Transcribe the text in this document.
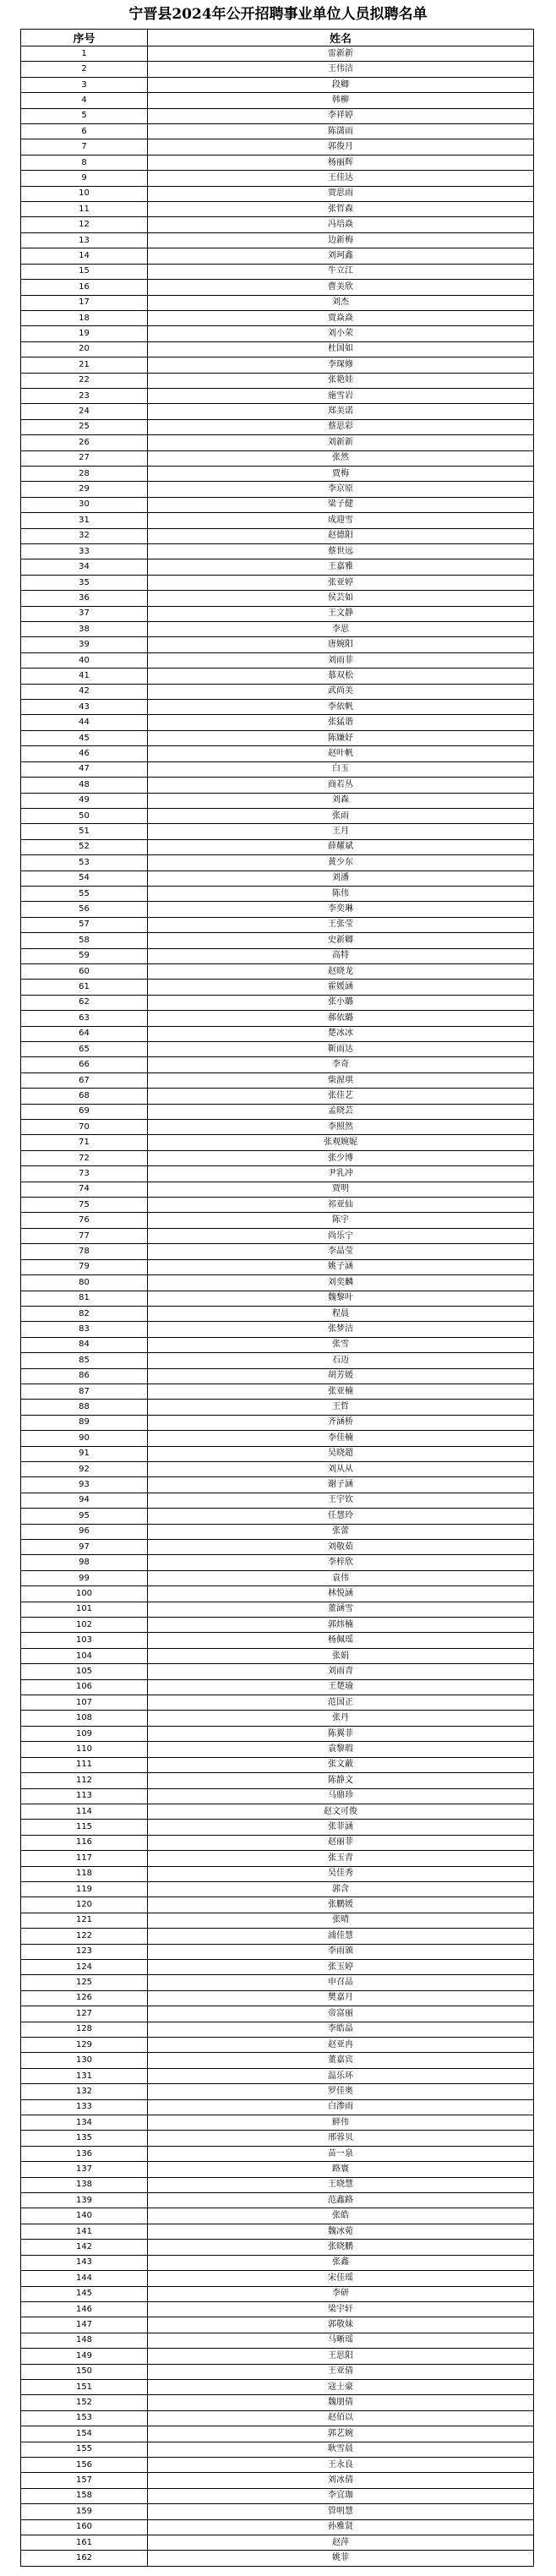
宁晋县2024年公开招聘事业单位人员拟聘名单
序号	姓名
1	雷新新
2	王伟洁
3	段卿
4	韩柳
5	李祥婷
6	陈潇雨
7	郭俊月
8	杨丽辉
9	王佳达
10	贾思雨
11	张哲森
12	冯培焱
13	边新梅
14	刘珂鑫
15	牛立江
16	曹美欣
17	刘杰
18	贾焱焱
19	刘小荣
20	杜国如
21	李琛修
22	张艳娃
23	施雪岩
24	郑美诺
25	蔡思彩
26	刘新新
27	张然
28	贾梅
29	李京原
30	梁子健
31	成迎雪
32	赵德阳
33	蔡世远
34	王嘉雅
35	张亚婷
36	侯芸如
37	王文静
38	李思
39	唐婉阳
40	刘雨菲
41	慕双松
42	武尚美
43	李依帆
44	张猛谐
45	陈嫌妤
46	赵叶帆
47	白玉
48	商若丛
49	刘森
50	张雨
51	王月
52	薛耀斌
53	黄少东
54	刘潘
55	陈伟
56	李奕琳
57	王张莹
58	史新卿
59	高特
60	赵晓龙
61	霍媛涵
62	张小璐
63	郝依璐
64	楚冰冰
65	靳雨达
66	李奇
67	柴渥琪
68	张佳艺
69	孟晓芸
70	李照然
71	张观婉妮
72	张少博
73	尹乳冲
74	贾明
75	祁亚仙
76	陈宇
77	尚乐宁
78	李晶莹
79	姚子涵
80	刘奕麟
81	魏黎叶
82	程晨
83	张梦洁
84	张雪
85	石迈
86	胡芳媛
87	张亚楠
88	王哲
89	齐涵桥
90	李佳楠
91	吴晓超
92	刘从从
93	谢子涵
94	王宇钦
95	任慧玲
96	张蕾
97	刘敬茹
98	李梓欣
99	袁伟
100	林悦涵
101	董涵雪
102	郭炜楠
103	杨佩瑶
104	张娟
105	刘雨青
106	王楚瑜
107	范国正
108	张丹
109	陈翼菲
110	袁黎瑕
111	张文蔽
112	陈静文
113	马鼎珍
114	赵文可俊
115	张菲涵
116	赵丽菲
117	张玉青
118	吴佳秀
119	郭含
120	张鹏媛
121	张晴
122	浦佳慧
123	李雨颁
124	张玉婷
125	申召品
126	樊嘉月
127	帝富丽
128	李皓晶
129	赵亚冉
130	董嘉宾
131	温乐环
132	罗佳奥
133	白渗雨
134	鲜伟
135	邢蓉贝
136	苗一泉
137	路寰
138	王晓慧
139	范鑫路
140	张皓
141	魏冰菀
142	张晓鹏
143	张鑫
144	宋佳瑶
145	李研
146	梁宇轩
147	郭敬妹
148	马晰瑶
149	王思阳
150	王亚倩
151	寇士豪
152	魏朋倩
153	赵佰以
154	郭艺婉
155	耿雪晨
156	王永良
157	刘冰倩
158	李宜珈
159	管明慧
160	孙雅贤
161	赵萍
162	姚菲
